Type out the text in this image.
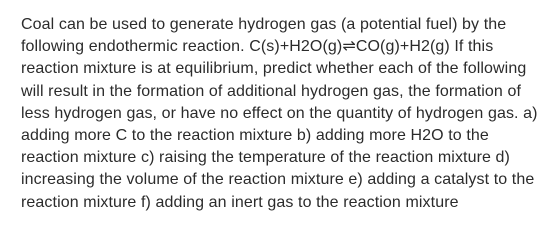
Coal can be used to generate hydrogen gas (a potential fuel) by the following endothermic reaction. C(s)+H2O(g)⇌CO(g)+H2(g) If this reaction mixture is at equilibrium, predict whether each of the following will result in the formation of additional hydrogen gas, the formation of less hydrogen gas, or have no effect on the quantity of hydrogen gas. a) adding more C to the reaction mixture b) adding more H2O to the reaction mixture c) raising the temperature of the reaction mixture d) increasing the volume of the reaction mixture e) adding a catalyst to the reaction mixture f) adding an inert gas to the reaction mixture
